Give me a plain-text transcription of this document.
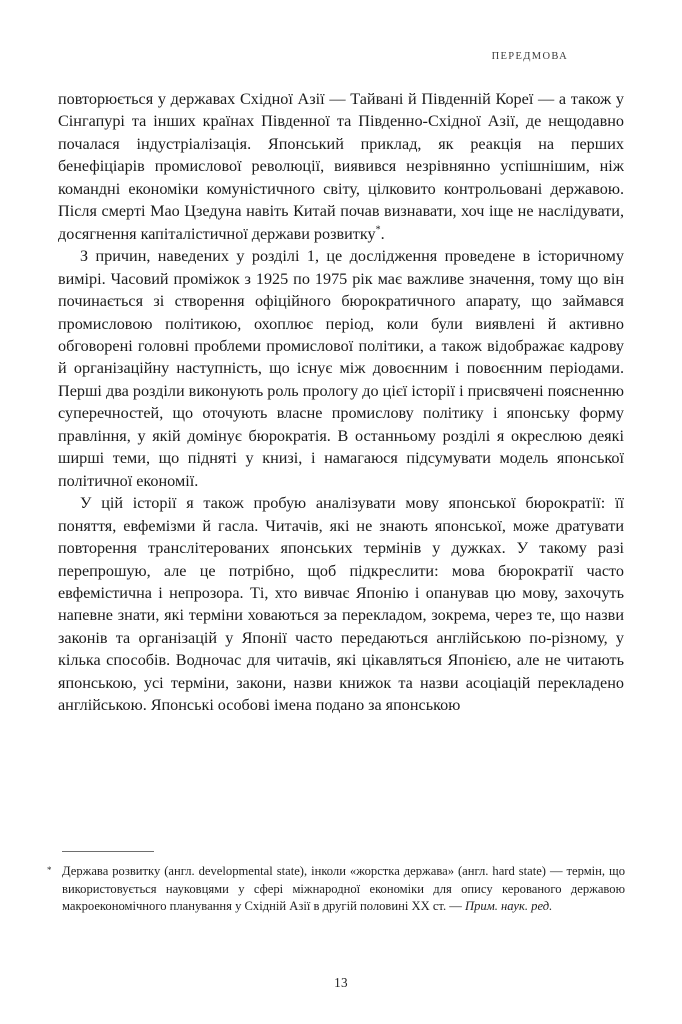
ПЕРЕДМОВА

повторюється у державах Східної Азії — Тайвані й Південній Кореї — а також у Сінгапурі та інших країнах Південної та Південно-Східної Азії, де нещодавно почалася індустріалізація. Японський приклад, як реакція на перших бенефіціарів промислової революції, виявився незрівнянно успішнішим, ніж командні економіки комуністичного світу, цілковито контрольовані державою. Після смерті Мао Цзедуна навіть Китай почав визнавати, хоч іще не наслідувати, досягнення капіталістичної держави розвитку*.

З причин, наведених у розділі 1, це дослідження проведене в історичному вимірі. Часовий проміжок з 1925 по 1975 рік має важливе значення, тому що він починається зі створення офіційного бюрократичного апарату, що займався промисловою політикою, охоплює період, коли були виявлені й активно обговорені головні проблеми промислової політики, а також відображає кадрову й організаційну наступність, що існує між довоєнним і повоєнним періодами. Перші два розділи виконують роль прологу до цієї історії і присвячені поясненню суперечностей, що оточують власне промислову політику і японську форму правління, у якій домінує бюрократія. В останньому розділі я окреслюю деякі ширші теми, що підняті у книзі, і намагаюся підсумувати модель японської політичної економії.

У цій історії я також пробую аналізувати мову японської бюрократії: її поняття, евфемізми й гасла. Читачів, які не знають японської, може дратувати повторення транслітерованих японських термінів у дужках. У такому разі перепрошую, але це потрібно, щоб підкреслити: мова бюрократії часто евфемістична і непрозора. Ті, хто вивчає Японію і опанував цю мову, захочуть напевне знати, які терміни ховаються за перекладом, зокрема, через те, що назви законів та організацій у Японії часто передаються англійською по-різному, у кілька способів. Водночас для читачів, які цікавляться Японією, але не читають японською, усі терміни, закони, назви книжок та назви асоціацій перекладено англійською. Японські особові імена подано за японською

* Держава розвитку (англ. developmental state), інколи «жорстка держава» (англ. hard state) — термін, що використовується науковцями у сфері міжнародної економіки для опису керованого державою макроекономічного планування у Східній Азії в другій половині XX ст. — Прим. наук. ред.
13
